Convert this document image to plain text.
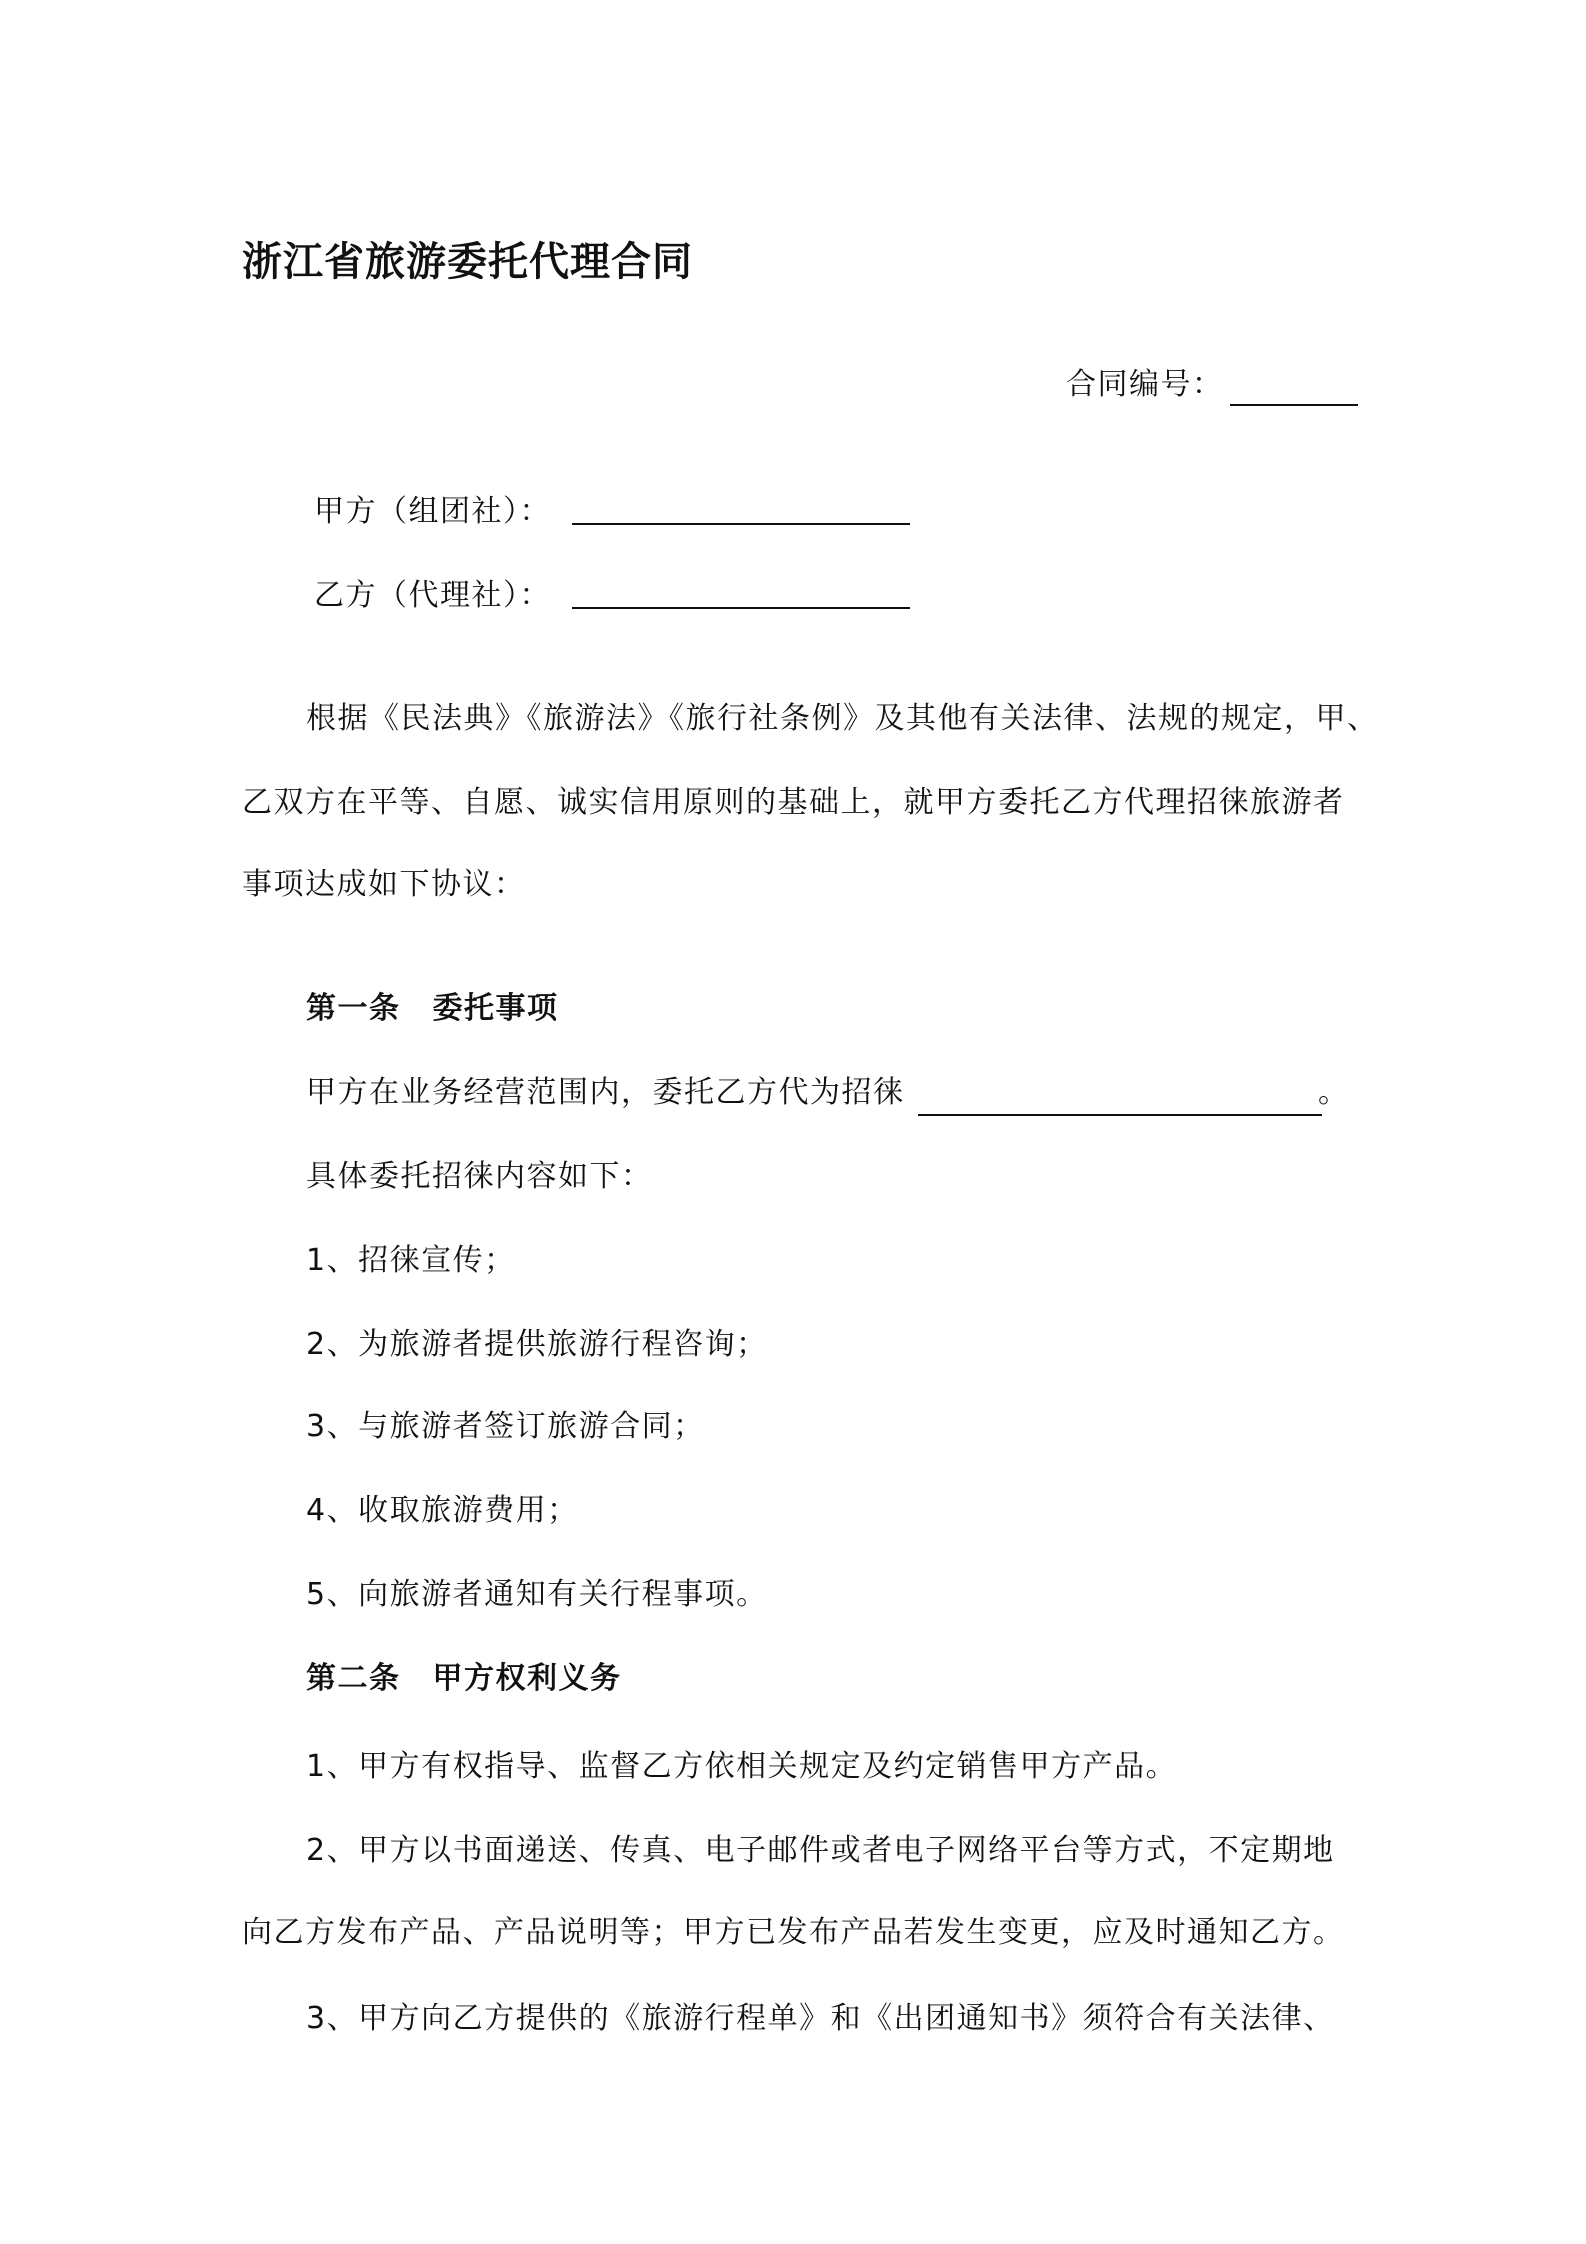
浙江省旅游委托代理合同
合同编号：
甲方（组团社）：
乙方（代理社）：
根据《民法典》《旅游法》《旅行社条例》及其他有关法律、法规的规定，甲、
乙双方在平等、自愿、诚实信用原则的基础上，就甲方委托乙方代理招徕旅游者
事项达成如下协议：
第一条 委托事项
甲方在业务经营范围内，委托乙方代为招徕	。
具体委托招徕内容如下：
1、招徕宣传；
2、为旅游者提供旅游行程咨询；
3、与旅游者签订旅游合同；
4、收取旅游费用；
5、向旅游者通知有关行程事项。
第二条 甲方权利义务
1、甲方有权指导、监督乙方依相关规定及约定销售甲方产品。
2、甲方以书面递送、传真、电子邮件或者电子网络平台等方式，不定期地
向乙方发布产品、产品说明等；甲方已发布产品若发生变更，应及时通知乙方。
3、甲方向乙方提供的《旅游行程单》和《出团通知书》须符合有关法律、
